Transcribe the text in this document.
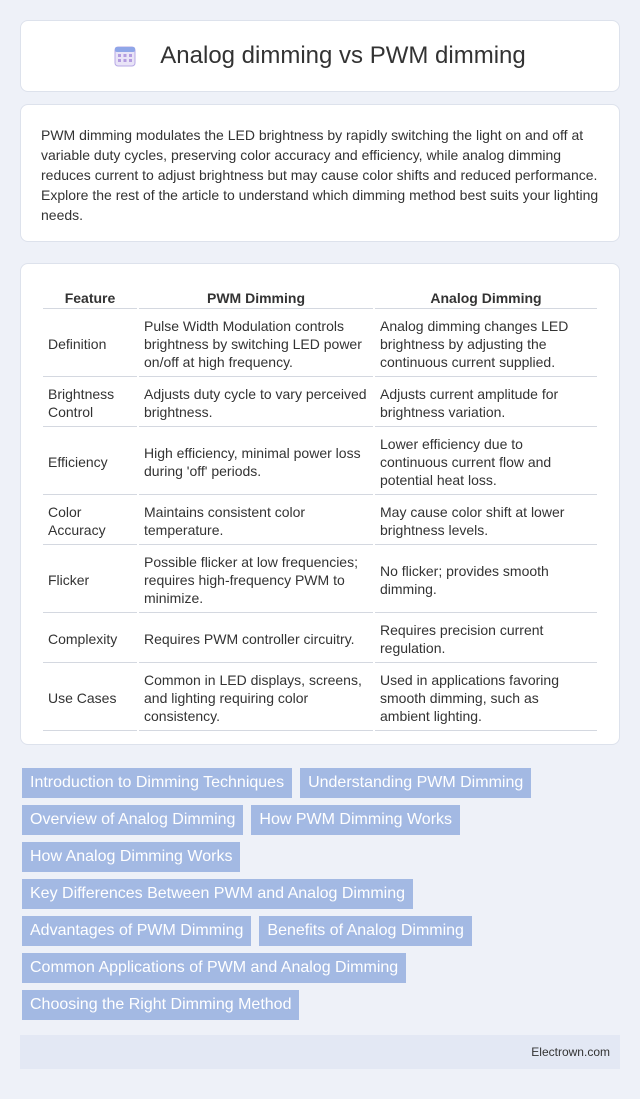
Analog dimming vs PWM dimming

PWM dimming modulates the LED brightness by rapidly switching the light on and off at variable duty cycles, preserving color accuracy and efficiency, while analog dimming reduces current to adjust brightness but may cause color shifts and reduced performance. Explore the rest of the article to understand which dimming method best suits your lighting needs.

Feature	PWM Dimming	Analog Dimming
Definition	Pulse Width Modulation controls brightness by switching LED power on/off at high frequency.	Analog dimming changes LED brightness by adjusting the continuous current supplied.
Brightness Control	Adjusts duty cycle to vary perceived brightness.	Adjusts current amplitude for brightness variation.
Efficiency	High efficiency, minimal power loss during 'off' periods.	Lower efficiency due to continuous current flow and potential heat loss.
Color Accuracy	Maintains consistent color temperature.	May cause color shift at lower brightness levels.
Flicker	Possible flicker at low frequencies; requires high-frequency PWM to minimize.	No flicker; provides smooth dimming.
Complexity	Requires PWM controller circuitry.	Requires precision current regulation.
Use Cases	Common in LED displays, screens, and lighting requiring color consistency.	Used in applications favoring smooth dimming, such as ambient lighting.
Introduction to Dimming Techniques	Understanding PWM Dimming
Overview of Analog Dimming	How PWM Dimming Works
How Analog Dimming Works
Key Differences Between PWM and Analog Dimming
Advantages of PWM Dimming	Benefits of Analog Dimming
Common Applications of PWM and Analog Dimming
Choosing the Right Dimming Method
Electrown.com
